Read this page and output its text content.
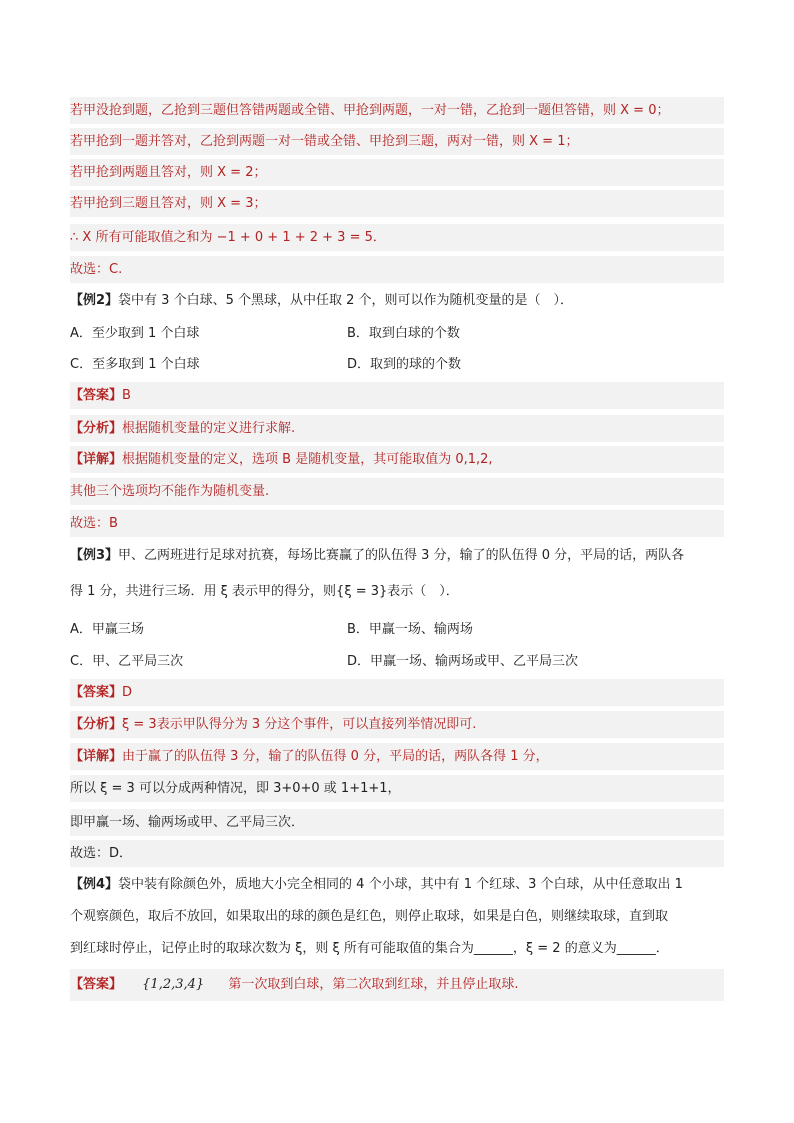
若甲没抢到题，乙抢到三题但答错两题或全错、甲抢到两题，一对一错，乙抢到一题但答错，则 X = 0；
若甲抢到一题并答对，乙抢到两题一对一错或全错、甲抢到三题，两对一错，则 X = 1；
若甲抢到两题且答对，则 X = 2；
若甲抢到三题且答对，则 X = 3；
∴ X 所有可能取值之和为 −1 + 0 + 1 + 2 + 3 = 5．
故选：C.
【例2】袋中有 3 个白球、5 个黑球，从中任取 2 个，则可以作为随机变量的是（　）．
A．至少取到 1 个白球	B．取到白球的个数
C．至多取到 1 个白球	D．取到的球的个数
【答案】B
【分析】根据随机变量的定义进行求解.
【详解】根据随机变量的定义，选项 B 是随机变量，其可能取值为 0,1,2,
其他三个选项均不能作为随机变量.
故选：B
【例3】甲、乙两班进行足球对抗赛，每场比赛赢了的队伍得 3 分，输了的队伍得 0 分，平局的话，两队各
得 1 分，共进行三场．用 ξ 表示甲的得分，则{ξ = 3}表示（　）．
A．甲赢三场	B．甲赢一场、输两场
C．甲、乙平局三次	D．甲赢一场、输两场或甲、乙平局三次
【答案】D
【分析】ξ = 3表示甲队得分为 3 分这个事件，可以直接列举情况即可.
【详解】由于赢了的队伍得 3 分，输了的队伍得 0 分，平局的话，两队各得 1 分，
所以 ξ = 3 可以分成两种情况，即 3+0+0 或 1+1+1，
即甲赢一场、输两场或甲、乙平局三次．
故选：D．
【例4】袋中装有除颜色外，质地大小完全相同的 4 个小球，其中有 1 个红球、3 个白球，从中任意取出 1
个观察颜色，取后不放回，如果取出的球的颜色是红色，则停止取球，如果是白色，则继续取球，直到取
到红球时停止，记停止时的取球次数为 ξ，则 ξ 所有可能取值的集合为______，ξ = 2 的意义为______．
【答案】 {1,2,3,4} 第一次取到白球，第二次取到红球，并且停止取球.
